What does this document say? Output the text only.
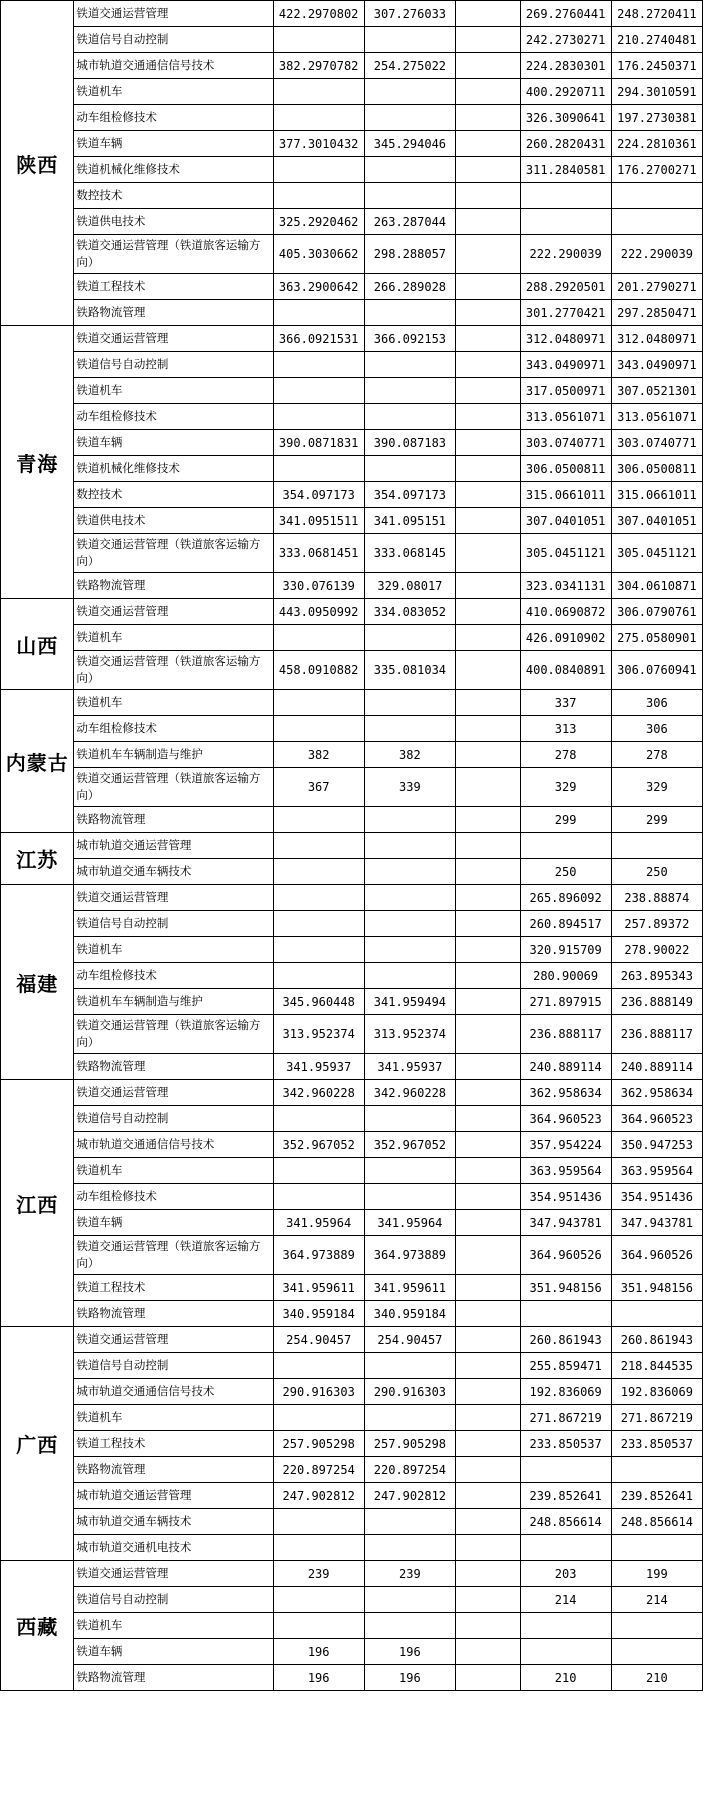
陕西	铁道交通运营管理	422.2970802	307.276033		269.2760441	248.2720411
	铁道信号自动控制				242.2730271	210.2740481
	城市轨道交通通信信号技术	382.2970782	254.275022		224.2830301	176.2450371
	铁道机车				400.2920711	294.3010591
	动车组检修技术				326.3090641	197.2730381
	铁道车辆	377.3010432	345.294046		260.2820431	224.2810361
	铁道机械化维修技术				311.2840581	176.2700271
	数控技术					
	铁道供电技术	325.2920462	263.287044			
	铁道交通运营管理（铁道旅客运输方向）	405.3030662	298.288057		222.290039	222.290039
	铁道工程技术	363.2900642	266.289028		288.2920501	201.2790271
	铁路物流管理				301.2770421	297.2850471
青海	铁道交通运营管理	366.0921531	366.092153		312.0480971	312.0480971
	铁道信号自动控制				343.0490971	343.0490971
	铁道机车				317.0500971	307.0521301
	动车组检修技术				313.0561071	313.0561071
	铁道车辆	390.0871831	390.087183		303.0740771	303.0740771
	铁道机械化维修技术				306.0500811	306.0500811
	数控技术	354.097173	354.097173		315.0661011	315.0661011
	铁道供电技术	341.0951511	341.095151		307.0401051	307.0401051
	铁道交通运营管理（铁道旅客运输方向）	333.0681451	333.068145		305.0451121	305.0451121
	铁路物流管理	330.076139	329.08017		323.0341131	304.0610871
山西	铁道交通运营管理	443.0950992	334.083052		410.0690872	306.0790761
	铁道机车				426.0910902	275.0580901
	铁道交通运营管理（铁道旅客运输方向）	458.0910882	335.081034		400.0840891	306.0760941
内蒙古	铁道机车				337	306
	动车组检修技术				313	306
	铁道机车车辆制造与维护	382	382		278	278
	铁道交通运营管理（铁道旅客运输方向）	367	339		329	329
	铁路物流管理				299	299
江苏	城市轨道交通运营管理					
	城市轨道交通车辆技术				250	250
福建	铁道交通运营管理				265.896092	238.88874
	铁道信号自动控制				260.894517	257.89372
	铁道机车				320.915709	278.90022
	动车组检修技术				280.90069	263.895343
	铁道机车车辆制造与维护	345.960448	341.959494		271.897915	236.888149
	铁道交通运营管理（铁道旅客运输方向）	313.952374	313.952374		236.888117	236.888117
	铁路物流管理	341.95937	341.95937		240.889114	240.889114
江西	铁道交通运营管理	342.960228	342.960228		362.958634	362.958634
	铁道信号自动控制				364.960523	364.960523
	城市轨道交通通信信号技术	352.967052	352.967052		357.954224	350.947253
	铁道机车				363.959564	363.959564
	动车组检修技术				354.951436	354.951436
	铁道车辆	341.95964	341.95964		347.943781	347.943781
	铁道交通运营管理（铁道旅客运输方向）	364.973889	364.973889		364.960526	364.960526
	铁道工程技术	341.959611	341.959611		351.948156	351.948156
	铁路物流管理	340.959184	340.959184			
广西	铁道交通运营管理	254.90457	254.90457		260.861943	260.861943
	铁道信号自动控制				255.859471	218.844535
	城市轨道交通通信信号技术	290.916303	290.916303		192.836069	192.836069
	铁道机车				271.867219	271.867219
	铁道工程技术	257.905298	257.905298		233.850537	233.850537
	铁路物流管理	220.897254	220.897254			
	城市轨道交通运营管理	247.902812	247.902812		239.852641	239.852641
	城市轨道交通车辆技术				248.856614	248.856614
	城市轨道交通机电技术					
西藏	铁道交通运营管理	239	239		203	199
	铁道信号自动控制				214	214
	铁道机车					
	铁道车辆	196	196			
	铁路物流管理	196	196		210	210
